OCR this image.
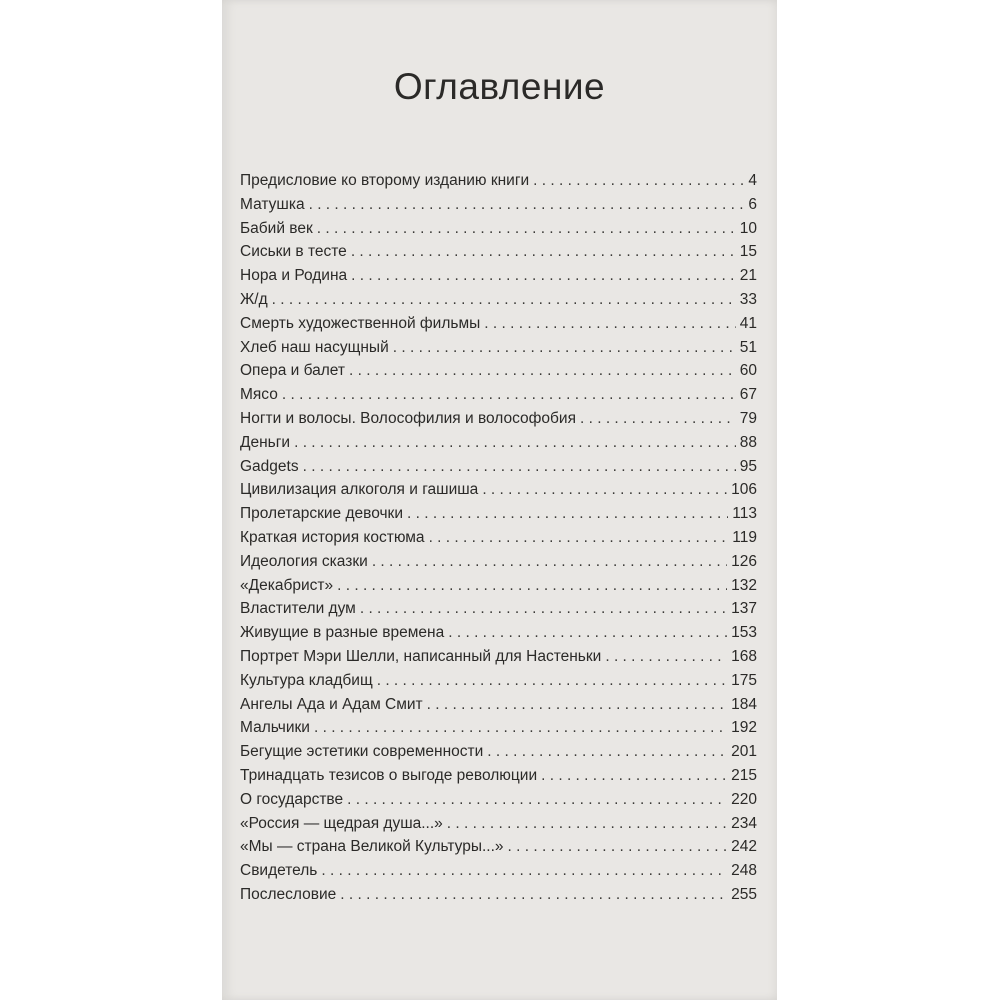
Оглавление
Предисловие ко второму изданию книги . . .	4
Матушка . . .	6
Бабий век . . .	10
Сиськи в тесте . . .	15
Нора и Родина . . .	21
Ж/д . . .	33
Смерть художественной фильмы . . .	41
Хлеб наш насущный . . .	51
Опера и балет . . .	60
Мясо . . .	67
Ногти и волосы. Волософилия и волософобия . . .	79
Деньги . . .	88
Gadgets . . .	95
Цивилизация алкоголя и гашиша . . .	106
Пролетарские девочки . . .	113
Краткая история костюма . . .	119
Идеология сказки . . .	126
«Декабрист» . . .	132
Властители дум . . .	137
Живущие в разные времена . . .	153
Портрет Мэри Шелли, написанный для Настеньки . . .	168
Культура кладбищ . . .	175
Ангелы Ада и Адам Смит . . .	184
Мальчики . . .	192
Бегущие эстетики современности . . .	201
Тринадцать тезисов о выгоде революции . . .	215
О государстве . . .	220
«Россия — щедрая душа...» . . .	234
«Мы — страна Великой Культуры...» . . .	242
Свидетель . . .	248
Послесловие . . .	255
